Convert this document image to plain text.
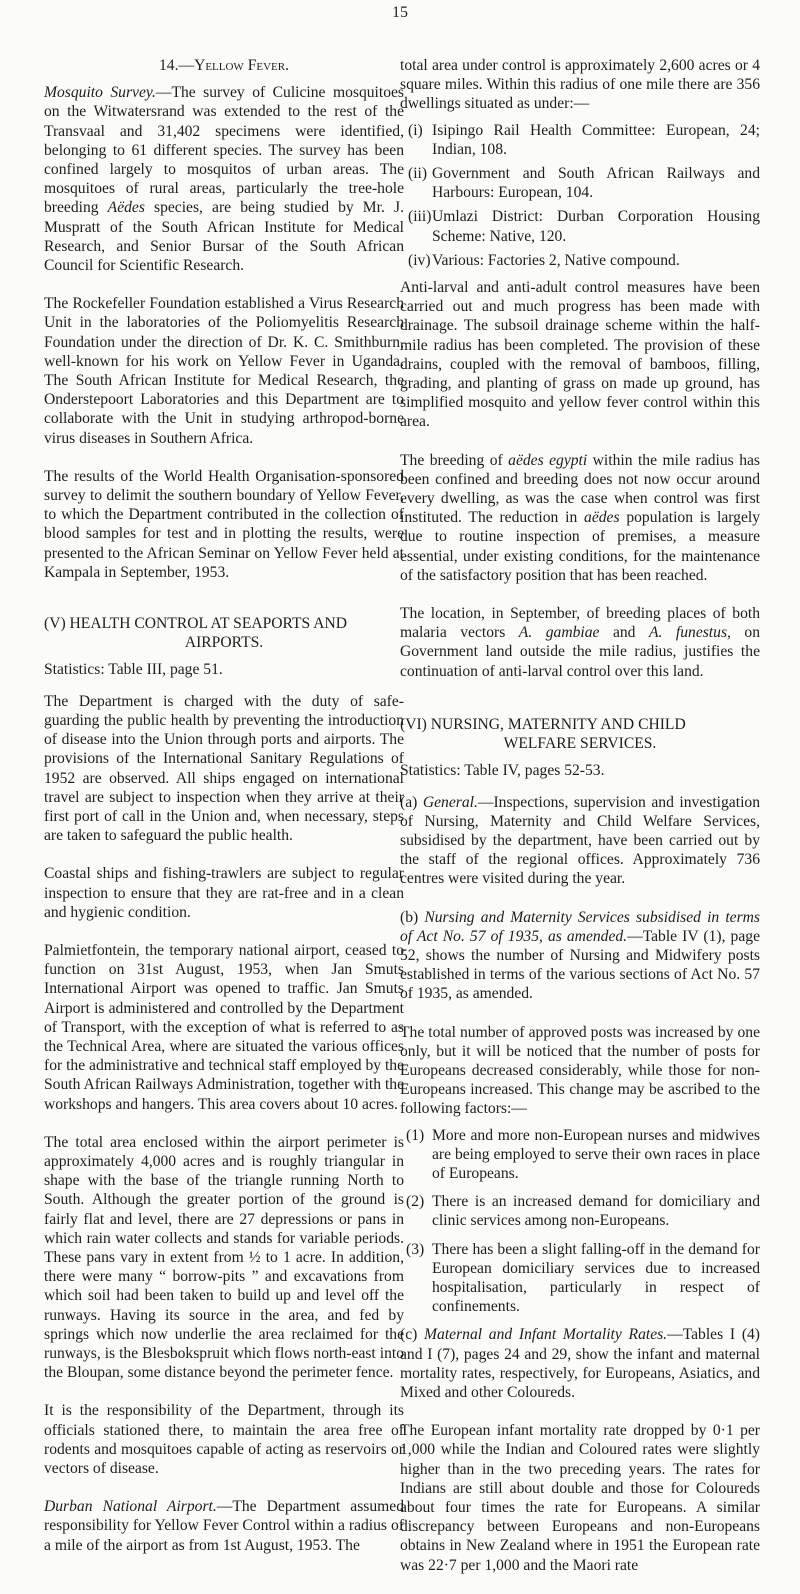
15

14.—Yellow Fever.

Mosquito Survey.—The survey of Culicine mosquitoes on the Witwatersrand was extended to the rest of the Transvaal and 31,402 specimens were identified, belonging to 61 different species. The survey has been confined largely to mosquitos of urban areas. The mosquitoes of rural areas, particularly the tree-hole breeding Aëdes species, are being studied by Mr. J. Muspratt of the South African Institute for Medical Research, and Senior Bursar of the South African Council for Scientific Research.

The Rockefeller Foundation established a Virus Research Unit in the laboratories of the Poliomyelitis Research Foundation under the direction of Dr. K. C. Smithburn, well-known for his work on Yellow Fever in Uganda. The South African Institute for Medical Research, the Onderstepoort Laboratories and this Department are to collaborate with the Unit in studying arthropod-borne virus diseases in Southern Africa.

The results of the World Health Organisation-sponsored survey to delimit the southern boundary of Yellow Fever, to which the Department contributed in the collection of blood samples for test and in plotting the results, were presented to the African Seminar on Yellow Fever held at Kampala in September, 1953.

(V) HEALTH CONTROL AT SEAPORTS AND
AIRPORTS.

Statistics: Table III, page 51.

The Department is charged with the duty of safe-guarding the public health by preventing the introduction of disease into the Union through ports and airports. The provisions of the International Sanitary Regulations of 1952 are observed. All ships engaged on international travel are subject to inspection when they arrive at their first port of call in the Union and, when necessary, steps are taken to safeguard the public health.

Coastal ships and fishing-trawlers are subject to regular inspection to ensure that they are rat-free and in a clean and hygienic condition.

Palmietfontein, the temporary national airport, ceased to function on 31st August, 1953, when Jan Smuts International Airport was opened to traffic. Jan Smuts Airport is administered and controlled by the Department of Transport, with the exception of what is referred to as the Technical Area, where are situated the various offices for the administrative and technical staff employed by the South African Railways Administration, together with the workshops and hangers. This area covers about 10 acres.

The total area enclosed within the airport perimeter is approximately 4,000 acres and is roughly triangular in shape with the base of the triangle running North to South. Although the greater portion of the ground is fairly flat and level, there are 27 depressions or pans in which rain water collects and stands for variable periods. These pans vary in extent from ½ to 1 acre. In addition, there were many “ borrow-pits ” and excavations from which soil had been taken to build up and level off the runways. Having its source in the area, and fed by springs which now underlie the area reclaimed for the runways, is the Blesbokspruit which flows north-east into the Bloupan, some distance beyond the perimeter fence.

It is the responsibility of the Department, through its officials stationed there, to maintain the area free of rodents and mosquitoes capable of acting as reservoirs or vectors of disease.

Durban National Airport.—The Department assumed responsibility for Yellow Fever Control within a radius of a mile of the airport as from 1st August, 1953. The

total area under control is approximately 2,600 acres or 4 square miles. Within this radius of one mile there are 356 dwellings situated as under:—

(i) Isipingo Rail Health Committee: European, 24; Indian, 108.
(ii) Government and South African Railways and Harbours: European, 104.
(iii) Umlazi District: Durban Corporation Housing Scheme: Native, 120.
(iv) Various: Factories 2, Native compound.

Anti-larval and anti-adult control measures have been carried out and much progress has been made with drainage. The subsoil drainage scheme within the half-mile radius has been completed. The provision of these drains, coupled with the removal of bamboos, filling, grading, and planting of grass on made up ground, has simplified mosquito and yellow fever control within this area.

The breeding of aëdes egypti within the mile radius has been confined and breeding does not now occur around every dwelling, as was the case when control was first instituted. The reduction in aëdes population is largely due to routine inspection of premises, a measure essential, under existing conditions, for the maintenance of the satisfactory position that has been reached.

The location, in September, of breeding places of both malaria vectors A. gambiae and A. funestus, on Government land outside the mile radius, justifies the continuation of anti-larval control over this land.

(VI) NURSING, MATERNITY AND CHILD
WELFARE SERVICES.

Statistics: Table IV, pages 52-53.

(a) General.—Inspections, supervision and investigation of Nursing, Maternity and Child Welfare Services, subsidised by the department, have been carried out by the staff of the regional offices. Approximately 736 centres were visited during the year.

(b) Nursing and Maternity Services subsidised in terms of Act No. 57 of 1935, as amended.—Table IV (1), page 52, shows the number of Nursing and Midwifery posts established in terms of the various sections of Act No. 57 of 1935, as amended.

The total number of approved posts was increased by one only, but it will be noticed that the number of posts for Europeans decreased considerably, while those for non-Europeans increased. This change may be ascribed to the following factors:—

(1) More and more non-European nurses and midwives are being employed to serve their own races in place of Europeans.
(2) There is an increased demand for domiciliary and clinic services among non-Europeans.
(3) There has been a slight falling-off in the demand for European domiciliary services due to increased hospitalisation, particularly in respect of confinements.

(c) Maternal and Infant Mortality Rates.—Tables I (4) and I (7), pages 24 and 29, show the infant and maternal mortality rates, respectively, for Europeans, Asiatics, and Mixed and other Coloureds.

The European infant mortality rate dropped by 0·1 per 1,000 while the Indian and Coloured rates were slightly higher than in the two preceding years. The rates for Indians are still about double and those for Coloureds about four times the rate for Europeans. A similar discrepancy between Europeans and non-Europeans obtains in New Zealand where in 1951 the European rate was 22·7 per 1,000 and the Maori rate
